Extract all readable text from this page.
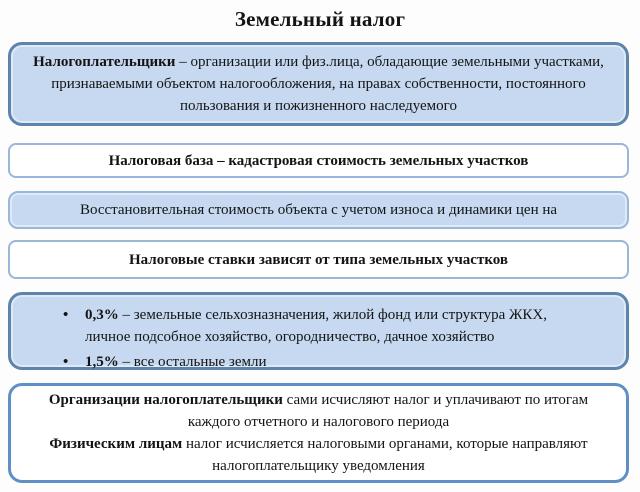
Земельный налог

Налогоплательщики – организации или физ.лица, обладающие земельными участками, признаваемыми объектом налогообложения, на правах собственности, постоянного пользования и пожизненного наследуемого

Налоговая база – кадастровая стоимость земельных участков

Восстановительная стоимость объекта с учетом износа и динамики цен на

Налоговые ставки зависят от типа земельных участков

•	0,3% – земельные сельхозназначения, жилой фонд или структура ЖКХ, личное подсобное хозяйство, огородничество, дачное хозяйство
•	1,5% – все остальные земли

Организации налогоплательщики сами исчисляют налог и уплачивают по итогам каждого отчетного и налогового периода

Физическим лицам налог исчисляется налоговыми органами, которые направляют налогоплательщику уведомления
